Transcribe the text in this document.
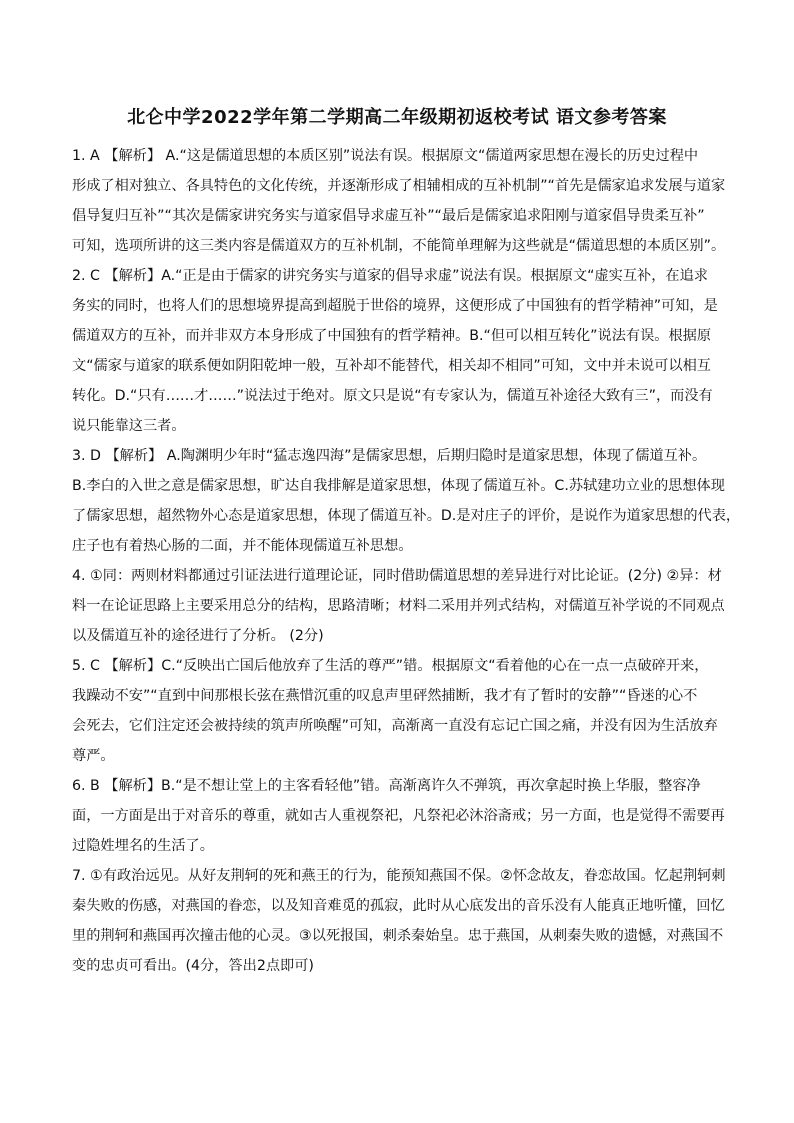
北仑中学2022学年第二学期高二年级期初返校考试 语文参考答案
1. A 【解析】 A.“这是儒道思想的本质区别”说法有误。根据原文“儒道两家思想在漫长的历史过程中
形成了相对独立、各具特色的文化传统，并逐渐形成了相辅相成的互补机制”“首先是儒家追求发展与道家
倡导复归互补”“其次是儒家讲究务实与道家倡导求虚互补”“最后是儒家追求阳刚与道家倡导贵柔互补”
可知，选项所讲的这三类内容是儒道双方的互补机制，不能简单理解为这些就是“儒道思想的本质区别”。
2. C 【解析】A.“正是由于儒家的讲究务实与道家的倡导求虚”说法有误。根据原文“虚实互补，在追求
务实的同时，也将人们的思想境界提高到超脱于世俗的境界，这便形成了中国独有的哲学精神”可知，是
儒道双方的互补，而并非双方本身形成了中国独有的哲学精神。B.“但可以相互转化”说法有误。根据原
文“儒家与道家的联系便如阴阳乾坤一般，互补却不能替代，相关却不相同”可知，文中并未说可以相互
转化。D.“只有……才……”说法过于绝对。原文只是说“有专家认为，儒道互补途径大致有三”，而没有
说只能靠这三者。
3. D 【解析】 A.陶渊明少年时“猛志逸四海”是儒家思想，后期归隐时是道家思想，体现了儒道互补。
B.李白的入世之意是儒家思想，旷达自我排解是道家思想，体现了儒道互补。C.苏轼建功立业的思想体现
了儒家思想，超然物外心态是道家思想，体现了儒道互补。D.是对庄子的评价，是说作为道家思想的代表，
庄子也有着热心肠的二面，并不能体现儒道互补思想。
4. ①同：两则材料都通过引证法进行道理论证，同时借助儒道思想的差异进行对比论证。(2分) ②异：材
料一在论证思路上主要采用总分的结构，思路清晰；材料二采用并列式结构，对儒道互补学说的不同观点
以及儒道互补的途径进行了分析。 (2分)
5. C 【解析】C.“反映出亡国后他放弃了生活的尊严”错。根据原文“看着他的心在一点一点破碎开来，
我躁动不安”“直到中间那根长弦在燕惜沉重的叹息声里砰然捕断，我才有了暂时的安静”“昏迷的心不
会死去，它们注定还会被持续的筑声所唤醒”可知，高渐离一直没有忘记亡国之痛，并没有因为生活放弃
尊严。
6. B 【解析】B.“是不想让堂上的主客看轻他”错。高渐离许久不弹筑，再次拿起时换上华服，整容净
面，一方面是出于对音乐的尊重，就如古人重视祭祀，凡祭祀必沐浴斋戒；另一方面，也是觉得不需要再
过隐姓埋名的生活了。
7. ①有政治远见。从好友荆轲的死和燕王的行为，能预知燕国不保。②怀念故友，眷恋故国。忆起荆轲刺
秦失败的伤感，对燕国的眷恋，以及知音难觅的孤寂，此时从心底发出的音乐没有人能真正地听懂，回忆
里的荆轲和燕国再次撞击他的心灵。③以死报国，刺杀秦始皇。忠于燕国，从刺秦失败的遗憾，对燕国不
变的忠贞可看出。(4分，答出2点即可)
